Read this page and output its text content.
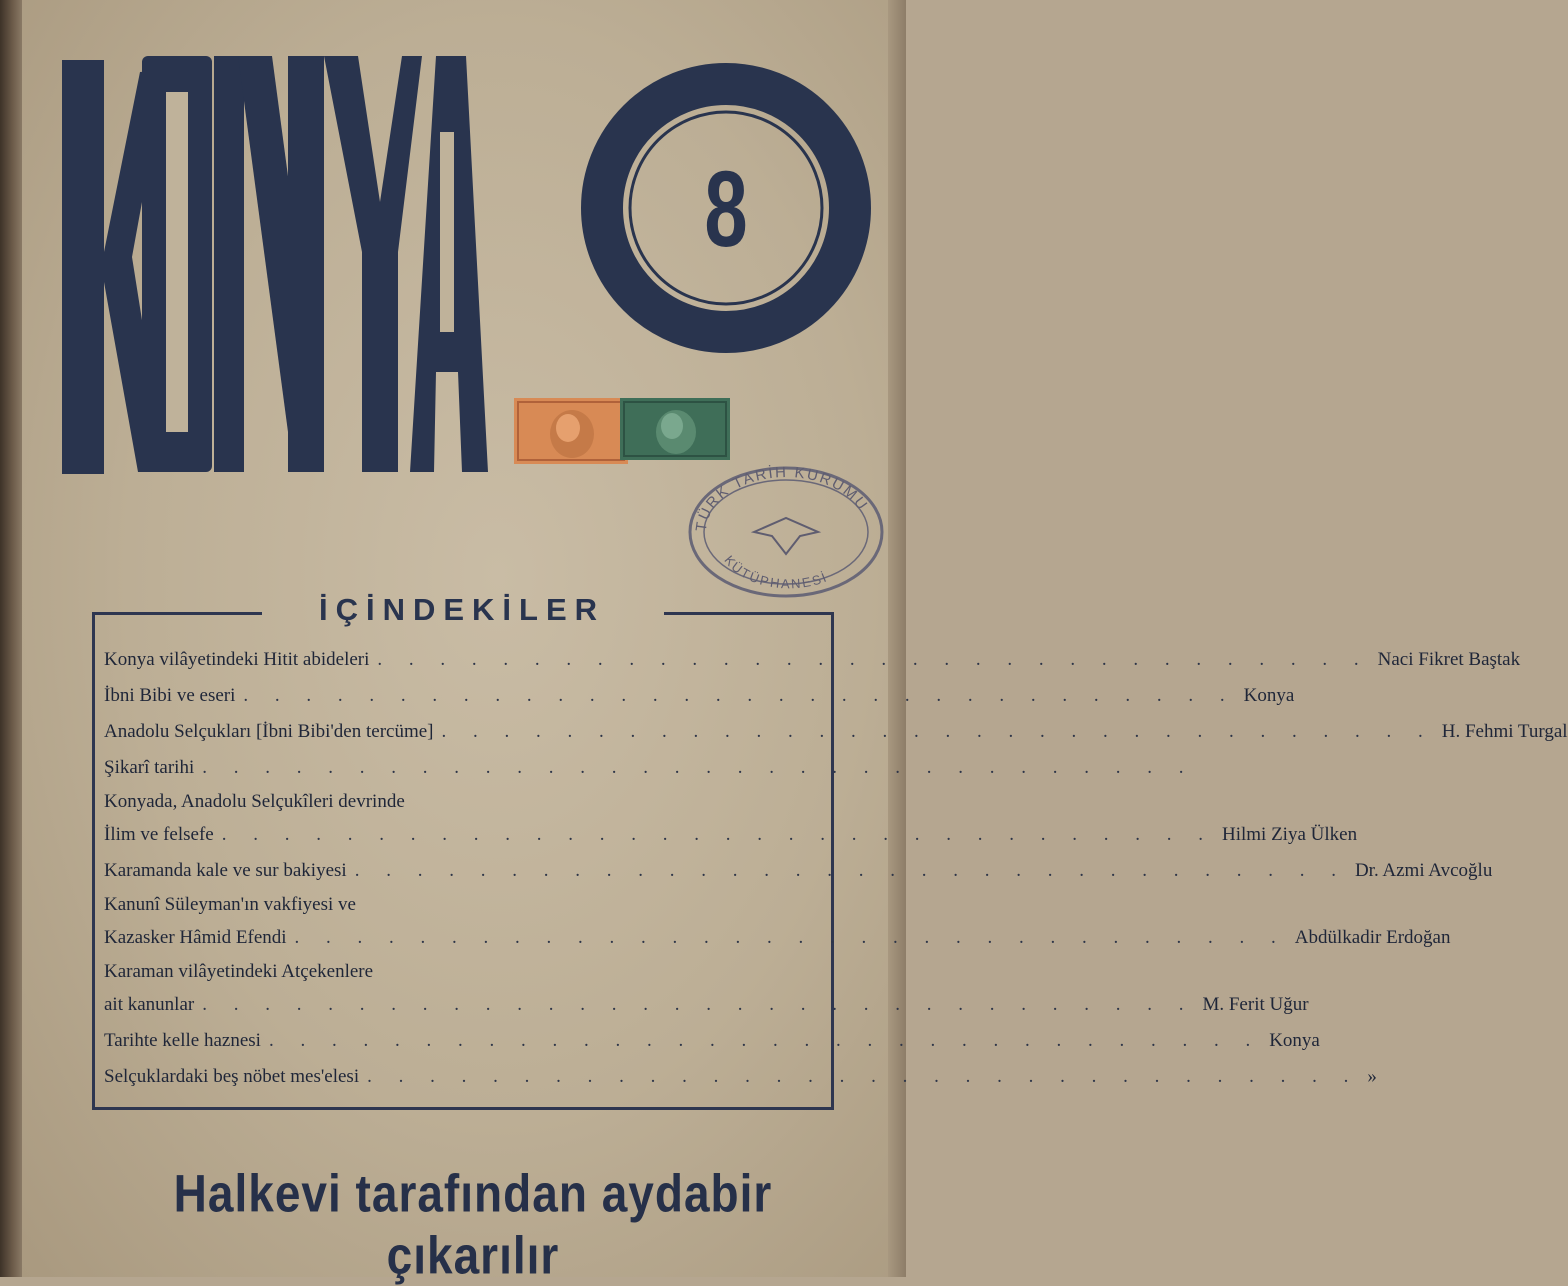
8
TÜRK TARİH KURUMU
KÜTÜPHANESİ
İÇİNDEKİLER
Konya vilâyetindeki Hitit abideleri . . . . . . . . . . . . . . . . . . . . . . . . . . . . . . . . Naci Fikret Baştak
İbni Bibi ve eseri . . . . . . . . . . . . . . . . . . . . . . . . . . . . . . . . Konya
Anadolu Selçukları [İbni Bibi'den tercüme] . . . . . . . . . . . . . . . . . . . . . . . . . . . . . . . . H. Fehmi Turgal
Şikarî tarihi . . . . . . . . . . . . . . . . . . . . . . . . . . . . . . . .
Konyada, Anadolu Selçukîleri devrinde
İlim ve felsefe . . . . . . . . . . . . . . . . . . . . . . . . . . . . . . . . Hilmi Ziya Ülken
Karamanda kale ve sur bakiyesi . . . . . . . . . . . . . . . . . . . . . . . . . . . . . . . . Dr. Azmi Avcoğlu
Kanunî Süleyman'ın vakfiyesi ve
Kazasker Hâmid Efendi . . . . . . . . . . . . . . . . . . . . . . . . . . . . . . . . Abdülkadir Erdoğan
Karaman vilâyetindeki Atçekenlere
ait kanunlar . . . . . . . . . . . . . . . . . . . . . . . . . . . . . . . . M. Ferit Uğur
Tarihte kelle haznesi . . . . . . . . . . . . . . . . . . . . . . . . . . . . . . . . Konya
Selçuklardaki beş nöbet mes'elesi . . . . . . . . . . . . . . . . . . . . . . . . . . . . . . . . »
Halkevi tarafından aydabir çıkarılır
